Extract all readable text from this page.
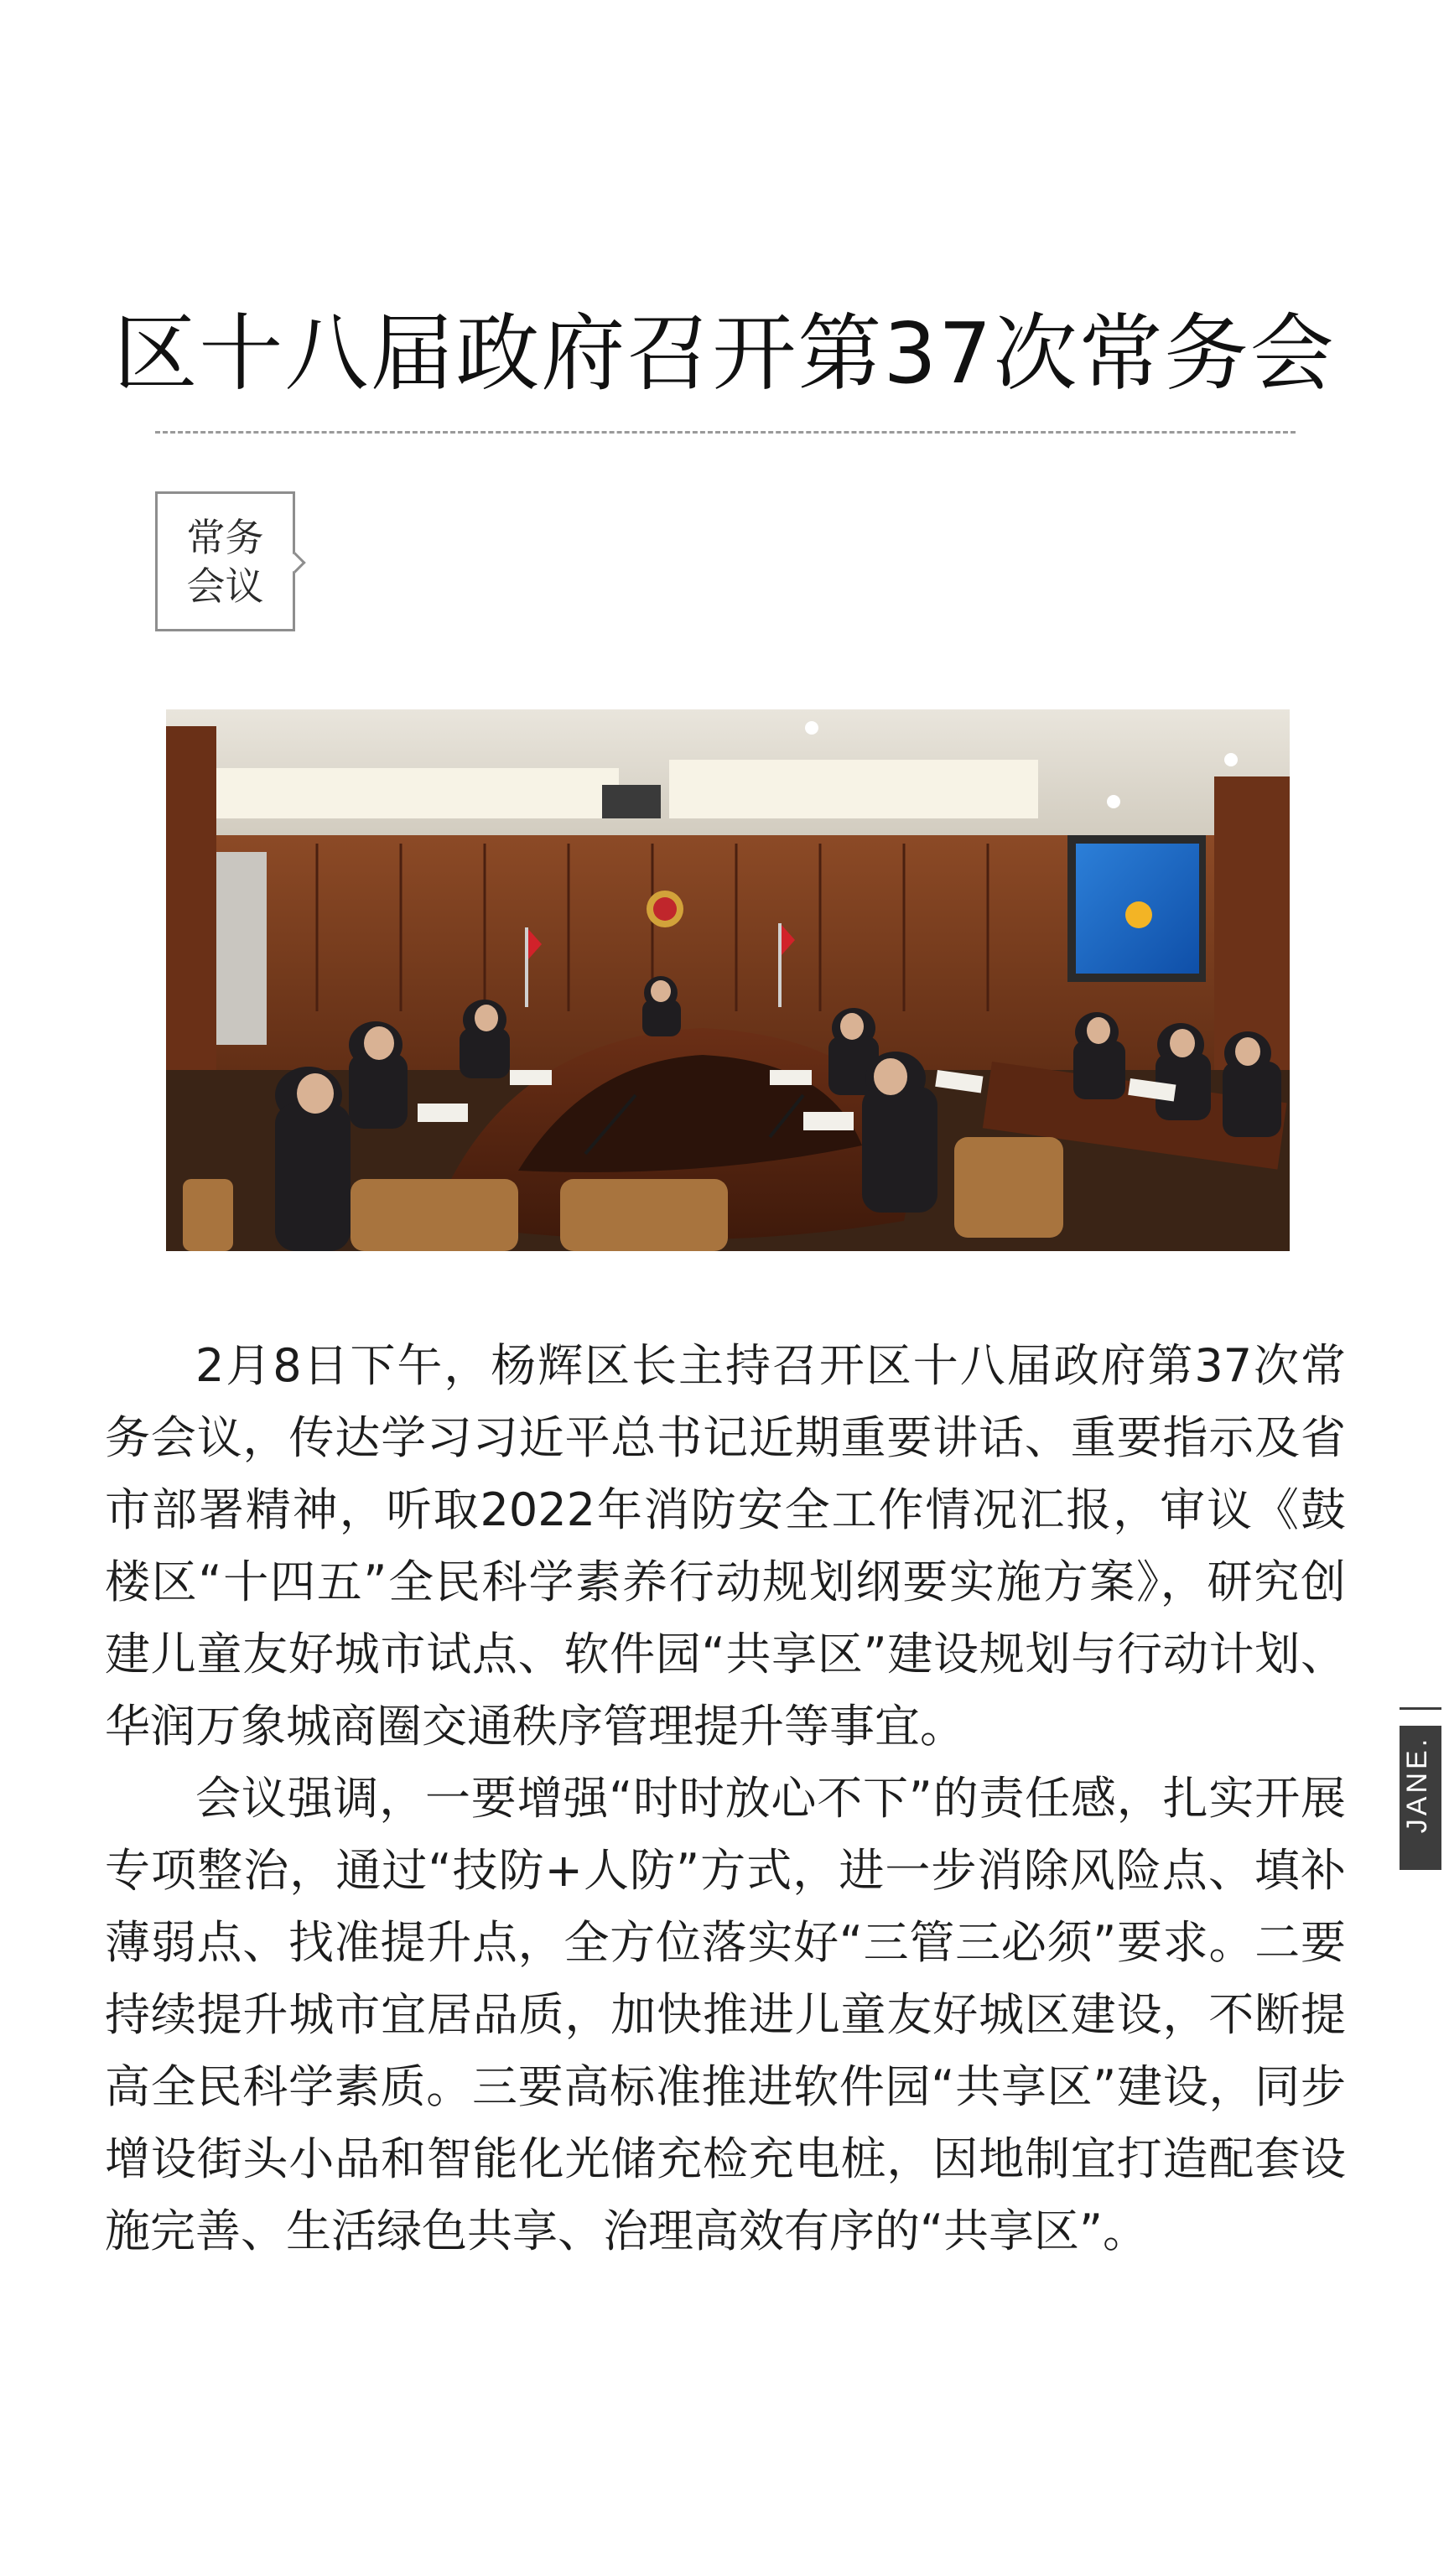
区十八届政府召开第37次常务会
常务
会议

2月8日下午，杨辉区长主持召开区十八届政府第37次常务会议，传达学习习近平总书记近期重要讲话、重要指示及省市部署精神，听取2022年消防安全工作情况汇报，审议《鼓楼区“十四五”全民科学素养行动规划纲要实施方案》，研究创建儿童友好城市试点、软件园“共享区”建设规划与行动计划、华润万象城商圈交通秩序管理提升等事宜。

会议强调，一要增强“时时放心不下”的责任感，扎实开展专项整治，通过“技防+人防”方式，进一步消除风险点、填补薄弱点、找准提升点，全方位落实好“三管三必须”要求。二要持续提升城市宜居品质，加快推进儿童友好城区建设，不断提高全民科学素质。三要高标准推进软件园“共享区”建设，同步增设街头小品和智能化光储充检充电桩，因地制宜打造配套设施完善、生活绿色共享、治理高效有序的“共享区”。

JANE.
